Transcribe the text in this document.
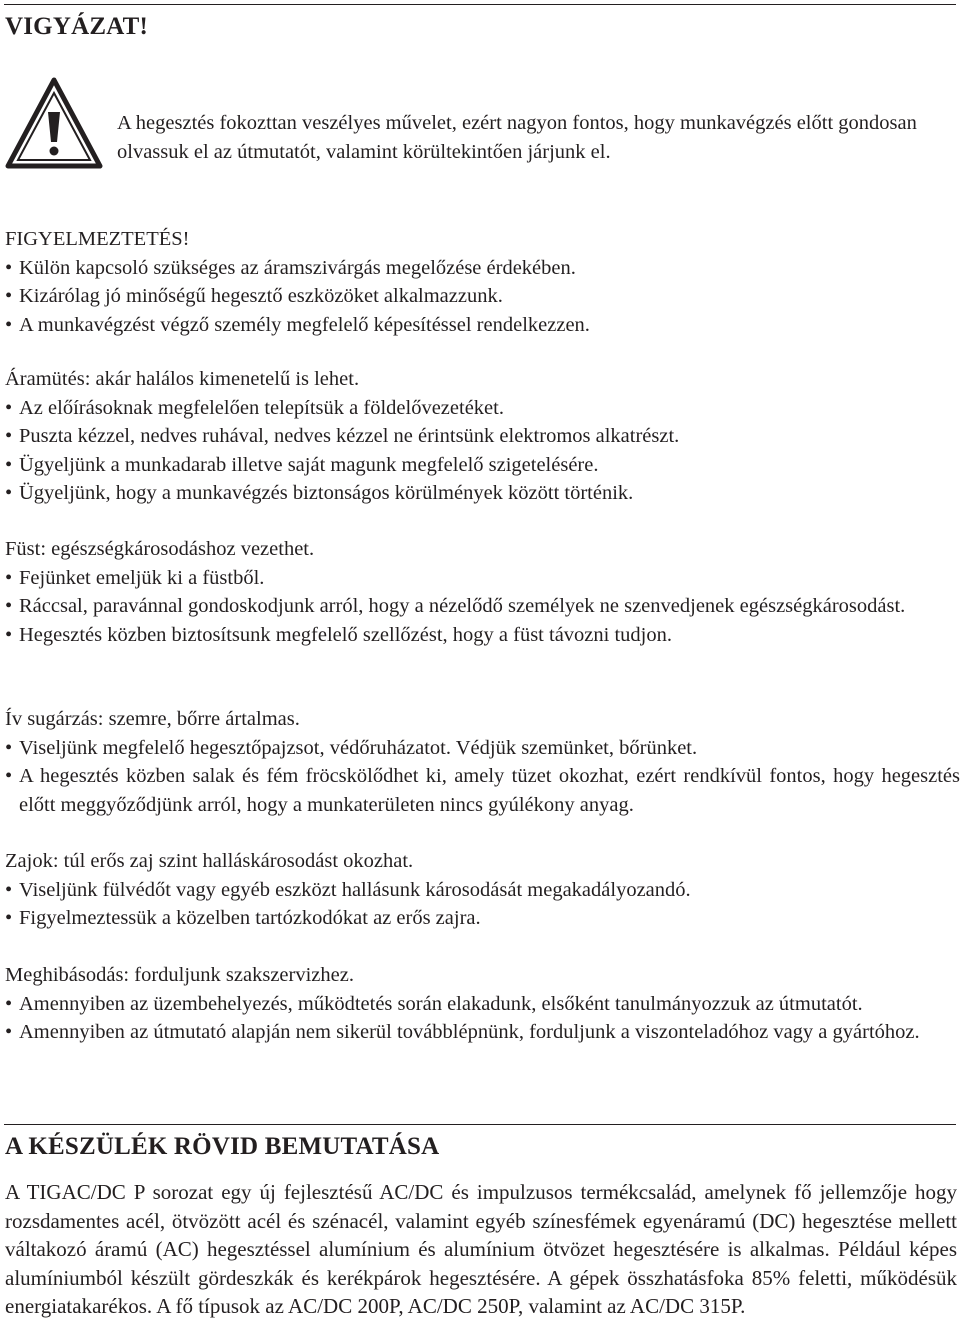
VIGYÁZAT!

A hegesztés fokozttan veszélyes művelet, ezért nagyon fontos, hogy munkavégzés előtt gondosan olvassuk el az útmutatót, valamint körültekintően járjunk el.

FIGYELMEZTETÉS!

• Külön kapcsoló szükséges az áramszivárgás megelőzése érdekében.

• Kizárólag jó minőségű hegesztő eszközöket alkalmazzunk.

• A munkavégzést végző személy megfelelő képesítéssel rendelkezzen.

Áramütés: akár halálos kimenetelű is lehet.

• Az előírásoknak megfelelően telepítsük a földelővezetéket.

• Puszta kézzel, nedves ruhával, nedves kézzel ne érintsünk elektromos alkatrészt.

• Ügyeljünk a munkadarab illetve saját magunk megfelelő szigetelésére.

• Ügyeljünk, hogy a munkavégzés biztonságos körülmények között történik.

Füst: egészségkárosodáshoz vezethet.

• Fejünket emeljük ki a füstből.

• Ráccsal, paravánnal gondoskodjunk arról, hogy a nézelődő személyek ne szenvedjenek egészségkárosodást.

• Hegesztés közben biztosítsunk megfelelő szellőzést, hogy a füst távozni tudjon.

Ív sugárzás: szemre, bőrre ártalmas.

• Viseljünk megfelelő hegesztőpajzsot, védőruházatot. Védjük szemünket, bőrünket.

• A hegesztés közben salak és fém fröcskölődhet ki, amely tüzet okozhat, ezért rendkívül fontos, hogy hegesztés előtt meggyőződjünk arról, hogy a munkaterületen nincs gyúlékony anyag.

Zajok: túl erős zaj szint halláskárosodást okozhat.

• Viseljünk fülvédőt vagy egyéb eszközt hallásunk károsodását megakadályozandó.

• Figyelmeztessük a közelben tartózkodókat az erős zajra.

Meghibásodás: forduljunk szakszervizhez.

• Amennyiben az üzembehelyezés, működtetés során elakadunk, elsőként tanulmányozzuk az útmutatót.

• Amennyiben az útmutató alapján nem sikerül továbblépnünk, forduljunk a viszonteladóhoz vagy a gyártóhoz.

A KÉSZÜLÉK RÖVID BEMUTATÁSA

A TIGAC/DC P sorozat egy új fejlesztésű AC/DC és impulzusos termékcsalád, amelynek fő jellemzője hogy rozsdamentes acél, ötvözött acél és szénacél, valamint egyéb színesfémek egyenáramú (DC) hegesztése mellett váltakozó áramú (AC) hegesztéssel alumínium és alumínium ötvözet hegesztésére is alkalmas. Például képes alumíniumból készült gördeszkák és kerékpárok hegesztésére. A gépek összhatásfoka 85% feletti, működésük energiatakarékos. A fő típusok az AC/DC 200P, AC/DC 250P, valamint az AC/DC 315P.
